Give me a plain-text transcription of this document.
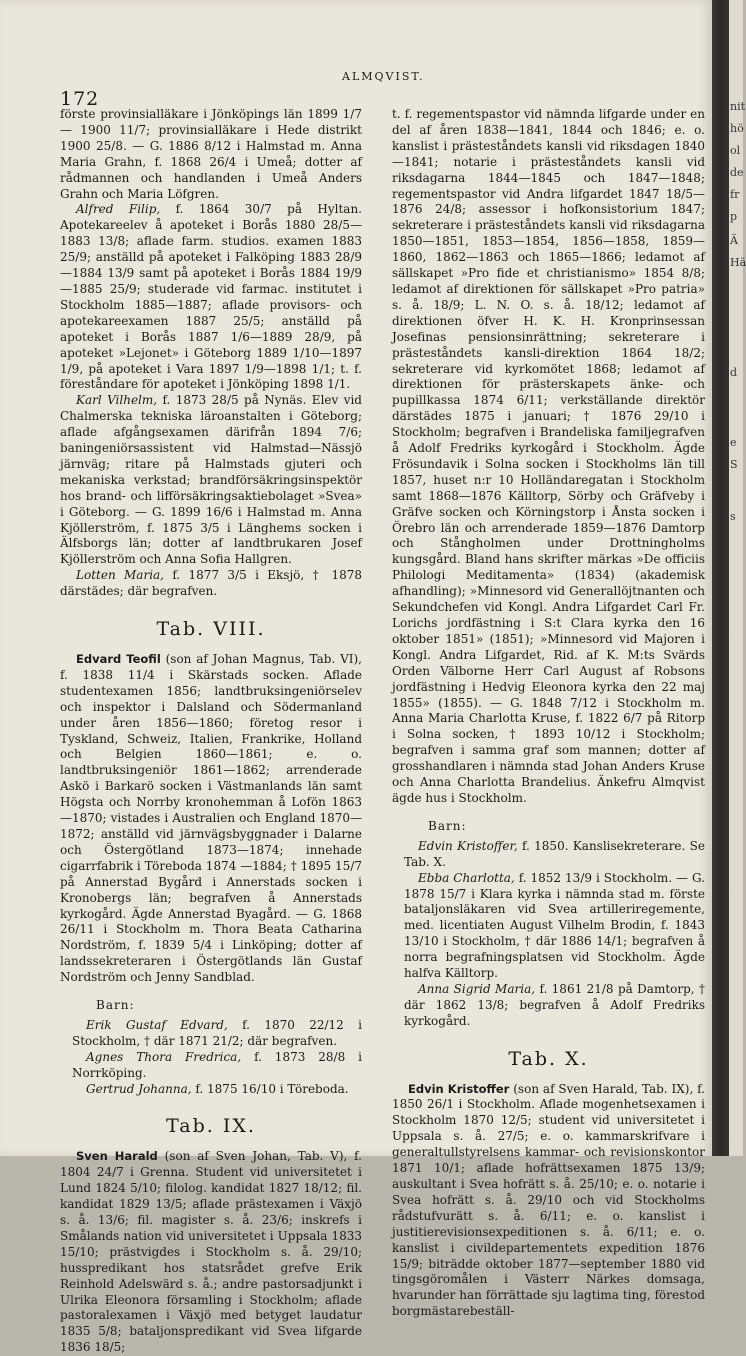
172
ALMQVIST.

förste provinsialläkare i Jönköpings län 1899 1/7— 1900 11/7; provinsialläkare i Hede distrikt 1900 25/8. — G. 1886 8/12 i Halmstad m. Anna Maria Grahn, f. 1868 26/4 i Umeå; dotter af rådmannen och handlanden i Umeå Anders Grahn och Maria Löfgren.

Alfred Filip, f. 1864 30/7 på Hyltan. Apotekareelev å apoteket i Borås 1880 28/5—1883 13/8; aflade farm. studios. examen 1883 25/9; anställd på apoteket i Falköping 1883 28/9—1884 13/9 samt på apoteket i Borås 1884 19/9—1885 25/9; studerade vid farmac. institutet i Stockholm 1885—1887; aflade provisors- och apotekareexamen 1887 25/5; anställd på apoteket i Borås 1887 1/6—1889 28/9, på apoteket »Lejonet» i Göteborg 1889 1/10—1897 1/9, på apoteket i Vara 1897 1/9—1898 1/1; t. f. föreståndare för apoteket i Jönköping 1898 1/1.

Karl Vilhelm, f. 1873 28/5 på Nynäs. Elev vid Chalmerska tekniska läroanstalten i Göteborg; aflade afgångsexamen därifrån 1894 7/6; baningeniörsassistent vid Halmstad—Nässjö järnväg; ritare på Halmstads gjuteri och mekaniska verkstad; brandförsäkringsinspektör hos brand- och lifförsäkringsaktiebolaget »Svea» i Göteborg. — G. 1899 16/6 i Halmstad m. Anna Kjöllerström, f. 1875 3/5 i Länghems socken i Älfsborgs län; dotter af landtbrukaren Josef Kjöllerström och Anna Sofia Hallgren.

Lotten Maria, f. 1877 3/5 i Eksjö, † 1878 därstädes; där begrafven.

Tab. VIII.

Edvard Teofil (son af Johan Magnus, Tab. VI), f. 1838 11/4 i Skärstads socken. Aflade studentexamen 1856; landtbruksingeniörselev och inspektor i Dalsland och Södermanland under åren 1856—1860; företog resor i Tyskland, Schweiz, Italien, Frankrike, Holland och Belgien 1860—1861; e. o. landtbruksingeniör 1861—1862; arrenderade Askö i Barkarö socken i Västmanlands län samt Högsta och Norrby kronohemman å Lofön 1863—1870; vistades i Australien och England 1870—1872; anställd vid järnvägsbyggnader i Dalarne och Östergötland 1873—1874; innehade cigarrfabrik i Töreboda 1874 —1884; † 1895 15/7 på Annerstad Bygård i Annerstads socken i Kronobergs län; begrafven å Annerstads kyrkogård. Ägde Annerstad Byagård. — G. 1868 26/11 i Stockholm m. Thora Beata Catharina Nordström, f. 1839 5/4 i Linköping; dotter af landssekreteraren i Östergötlands län Gustaf Nordström och Jenny Sandblad.

Barn:

Erik Gustaf Edvard, f. 1870 22/12 i Stockholm, † där 1871 21/2; där begrafven.

Agnes Thora Fredrica, f. 1873 28/8 i Norrköping.

Gertrud Johanna, f. 1875 16/10 i Töreboda.

Tab. IX.

Sven Harald (son af Sven Johan, Tab. V), f. 1804 24/7 i Grenna. Student vid universitetet i Lund 1824 5/10; filolog. kandidat 1827 18/12; fil. kandidat 1829 13/5; aflade prästexamen i Växjö s. å. 13/6; fil. magister s. å. 23/6; inskrefs i Smålands nation vid universitetet i Uppsala 1833 15/10; prästvigdes i Stockholm s. å. 29/10; husspredikant hos statsrådet grefve Erik Reinhold Adelswärd s. å.; andre pastorsadjunkt i Ulrika Eleonora församling i Stockholm; aflade pastoralexamen i Växjö med betyget laudatur 1835 5/8; bataljonspredikant vid Svea lifgarde 1836 18/5;

t. f. regementspastor vid nämnda lifgarde under en del af åren 1838—1841, 1844 och 1846; e. o. kanslist i prästeståndets kansli vid riksdagen 1840—1841; notarie i prästeståndets kansli vid riksdagarna 1844—1845 och 1847—1848; regementspastor vid Andra lifgardet 1847 18/5—1876 24/8; assessor i hofkonsistorium 1847; sekreterare i prästeståndets kansli vid riksdagarna 1850—1851, 1853—1854, 1856—1858, 1859—1860, 1862—1863 och 1865—1866; ledamot af sällskapet »Pro fide et christianismo» 1854 8/8; ledamot af direktionen för sällskapet »Pro patria» s. å. 18/9; L. N. O. s. å. 18/12; ledamot af direktionen öfver H. K. H. Kronprinsessan Josefinas pensionsinrättning; sekreterare i prästeståndets kansli-direktion 1864 18/2; sekreterare vid kyrkomötet 1868; ledamot af direktionen för prästerskapets änke- och pupillkassa 1874 6/11; verkställande direktör därstädes 1875 i januari; † 1876 29/10 i Stockholm; begrafven i Brandeliska familjegrafven å Adolf Fredriks kyrkogård i Stockholm. Ägde Frösundavik i Solna socken i Stockholms län till 1857, huset n:r 10 Holländaregatan i Stockholm samt 1868—1876 Källtorp, Sörby och Gräfveby i Gräfve socken och Körningstorp i Ånsta socken i Örebro län och arrenderade 1859—1876 Damtorp och Stångholmen under Drottningholms kungsgård. Bland hans skrifter märkas »De officiis Philologi Meditamenta» (1834) (akademisk afhandling); »Minnesord vid Generallöjtnanten och Sekundchefen vid Kongl. Andra Lifgardet Carl Fr. Lorichs jordfästning i S:t Clara kyrka den 16 oktober 1851» (1851); »Minnesord vid Majoren i Kongl. Andra Lifgardet, Rid. af K. M:ts Svärds Orden Välborne Herr Carl August af Robsons jordfästning i Hedvig Eleonora kyrka den 22 maj 1855» (1855). — G. 1848 7/12 i Stockholm m. Anna Maria Charlotta Kruse, f. 1822 6/7 på Ritorp i Solna socken, † 1893 10/12 i Stockholm; begrafven i samma graf som mannen; dotter af grosshandlaren i nämnda stad Johan Anders Kruse och Anna Charlotta Brandelius. Änkefru Almqvist ägde hus i Stockholm.

Barn:

Edvin Kristoffer, f. 1850. Kanslisekreterare. Se Tab. X.

Ebba Charlotta, f. 1852 13/9 i Stockholm. — G. 1878 15/7 i Klara kyrka i nämnda stad m. förste bataljonsläkaren vid Svea artilleriregemente, med. licentiaten August Vilhelm Brodin, f. 1843 13/10 i Stockholm, † där 1886 14/1; begrafven å norra begrafningsplatsen vid Stockholm. Ägde halfva Källtorp.

Anna Sigrid Maria, f. 1861 21/8 på Damtorp, † där 1862 13/8; begrafven å Adolf Fredriks kyrkogård.

Tab. X.

Edvin Kristoffer (son af Sven Harald, Tab. IX), f. 1850 26/1 i Stockholm. Aflade mogenhetsexamen i Stockholm 1870 12/5; student vid universitetet i Uppsala s. å. 27/5; e. o. kammarskrifvare i generaltullstyrelsens kammar- och revisionskontor 1871 10/1; aflade hofrättsexamen 1875 13/9; auskultant i Svea hofrätt s. å. 25/10; e. o. notarie i Svea hofrätt s. å. 29/10 och vid Stockholms rådstufvurätt s. å. 6/11; e. o. kanslist i justitierevisionsexpeditionen s. å. 6/11; e. o. kanslist i civildepartementets expedition 1876 15/9; biträdde oktober 1877—september 1880 vid tingsgöromålen i Västerr Närkes domsaga, hvarunder han förrättade sju lagtima ting, förestod borgmästarebeställ-

nit
hö
ol
de
fr
p
Ä
Hä
d
e
S
s
